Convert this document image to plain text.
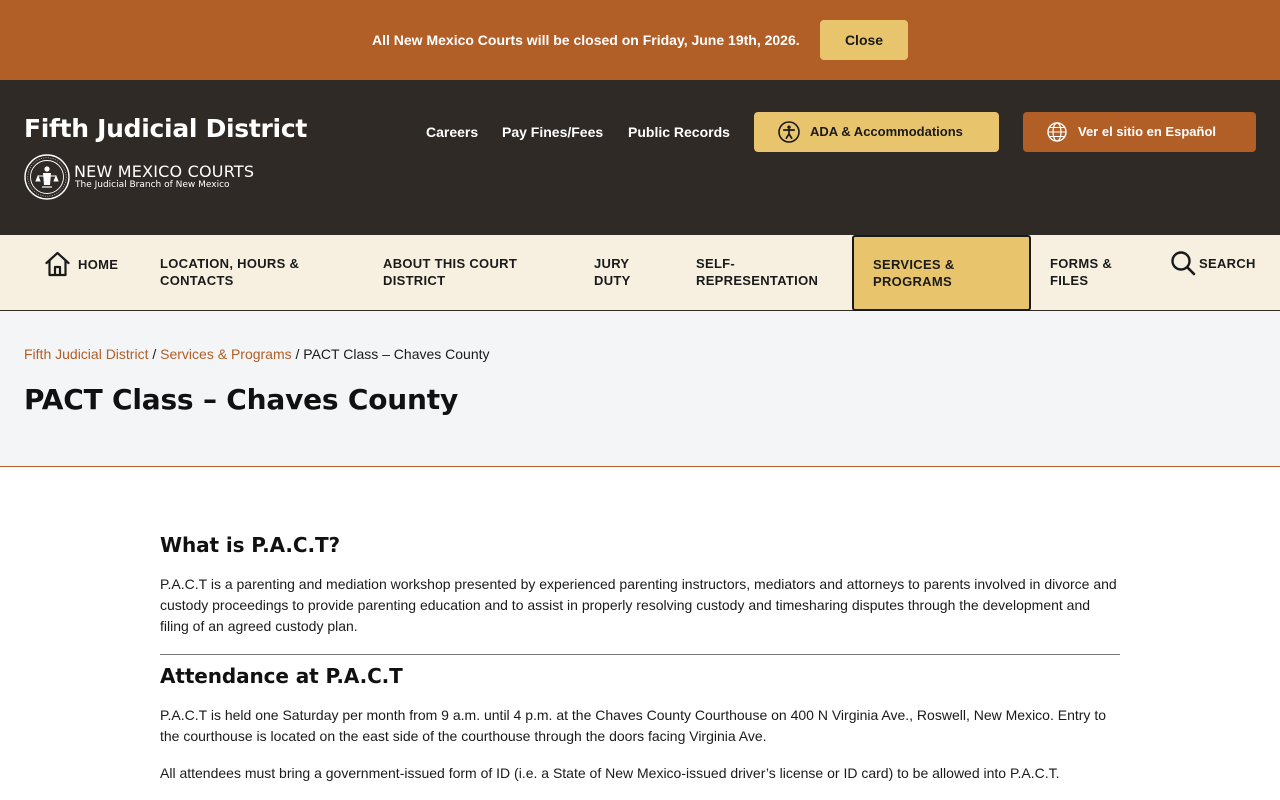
All New Mexico Courts will be closed on Friday, June 19th, 2026.	Close
Fifth Judicial District
NEW MEXICO COURTS
The Judicial Branch of New Mexico
Careers Pay Fines/Fees Public Records	ADA & Accommodations	Ver el sitio en Español
HOME	LOCATION, HOURS & CONTACTS
ABOUT THIS COURT DISTRICT
JURY DUTY
SELF-REPRESENTATION
SERVICES & PROGRAMS
FORMS & FILES
SEARCH
Fifth Judicial District / Services & Programs / PACT Class – Chaves County
PACT Class – Chaves County
What is P.A.C.T?

P.A.C.T is a parenting and mediation workshop presented by experienced parenting instructors, mediators and attorneys to parents involved in divorce and custody proceedings to provide parenting education and to assist in properly resolving custody and timesharing disputes through the development and filing of an agreed custody plan.

Attendance at P.A.C.T

P.A.C.T is held one Saturday per month from 9 a.m. until 4 p.m. at the Chaves County Courthouse on 400 N Virginia Ave., Roswell, New Mexico. Entry to the courthouse is located on the east side of the courthouse through the doors facing Virginia Ave.

All attendees must bring a government-issued form of ID (i.e. a State of New Mexico-issued driver’s license or ID card) to be allowed into P.A.C.T.
